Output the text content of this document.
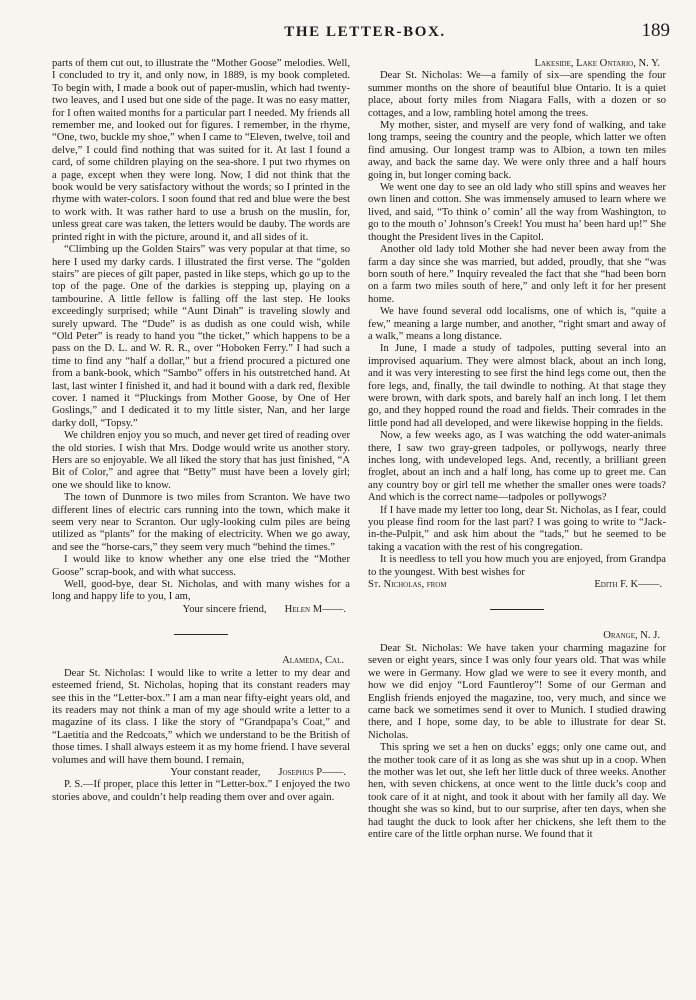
THE LETTER-BOX.	189

parts of them cut out, to illustrate the “Mother Goose” melodies. Well, I concluded to try it, and only now, in 1889, is my book completed. To begin with, I made a book out of paper-muslin, which had twenty-two leaves, and I used but one side of the page. It was no easy matter, for I often waited months for a particular part I needed. My friends all remember me, and looked out for figures. I remember, in the rhyme, “One, two, buckle my shoe,” when I came to “Eleven, twelve, toil and delve,” I could find nothing that was suited for it. At last I found a card, of some children playing on the sea-shore. I put two rhymes on a page, except when they were long. Now, I did not think that the book would be very satisfactory without the words; so I printed in the rhyme with water-colors. I soon found that red and blue were the best to work with. It was rather hard to use a brush on the muslin, for, unless great care was taken, the letters would be dauby. The words are printed right in with the picture, around it, and all sides of it.

“Climbing up the Golden Stairs” was very popular at that time, so here I used my darky cards. I illustrated the first verse. The “golden stairs” are pieces of gilt paper, pasted in like steps, which go up to the top of the page. One of the darkies is stepping up, playing on a tambourine. A little fellow is falling off the last step. He looks exceedingly surprised; while “Aunt Dinah” is traveling slowly and surely upward. The “Dude” is as dudish as one could wish, while “Old Peter” is ready to hand you “the ticket,” which happens to be a pass on the D. L. and W. R. R., over “Hoboken Ferry.” I had such a time to find any “half a dollar,” but a friend procured a pictured one from a bank-book, which “Sambo” offers in his outstretched hand. At last, last winter I finished it, and had it bound with a dark red, flexible cover. I named it “Pluckings from Mother Goose, by One of Her Goslings,” and I dedicated it to my little sister, Nan, and her large darky doll, “Topsy.”

We children enjoy you so much, and never get tired of reading over the old stories. I wish that Mrs. Dodge would write us another story. Hers are so enjoyable. We all liked the story that has just finished, “A Bit of Color,” and agree that “Betty” must have been a lovely girl; one we should like to know.

The town of Dunmore is two miles from Scranton. We have two different lines of electric cars running into the town, which make it seem very near to Scranton. Our ugly-looking culm piles are being utilized as “plants” for the making of electricity. When we go away, and see the “horse-cars,” they seem very much “behind the times.”

I would like to know whether any one else tried the “Mother Goose” scrap-book, and with what success.

Well, good-bye, dear St. Nicholas, and with many wishes for a long and happy life to you, I am,

Your sincere friend, Helen M——.

Alameda, Cal.

Dear St. Nicholas: I would like to write a letter to my dear and esteemed friend, St. Nicholas, hoping that its constant readers may see this in the “Letter-box.” I am a man near fifty-eight years old, and its readers may not think a man of my age should write a letter to a magazine of its class. I like the story of “Grandpapa’s Coat,” and “Laetitia and the Redcoats,” which we understand to be the British of those times. I shall always esteem it as my home friend. I have several volumes and will have them bound. I remain,

Your constant reader, Josephus P——.

P. S.—If proper, place this letter in “Letter-box.” I enjoyed the two stories above, and couldn’t help reading them over and over again.

Lakeside, Lake Ontario, N. Y.

Dear St. Nicholas: We—a family of six—are spending the four summer months on the shore of beautiful blue Ontario. It is a quiet place, about forty miles from Niagara Falls, with a dozen or so cottages, and a low, rambling hotel among the trees.

My mother, sister, and myself are very fond of walking, and take long tramps, seeing the country and the people, which latter we often find amusing. Our longest tramp was to Albion, a town ten miles away, and back the same day. We were only three and a half hours going in, but longer coming back.

We went one day to see an old lady who still spins and weaves her own linen and cotton. She was immensely amused to learn where we lived, and said, “To think o’ comin’ all the way from Washington, to go to the mouth o’ Johnson’s Creek! You must ha’ been hard up!” She thought the President lives in the Capitol.

Another old lady told Mother she had never been away from the farm a day since she was married, but added, proudly, that she “was born south of here.” Inquiry revealed the fact that she “had been born on a farm two miles south of here,” and only left it for her present home.

We have found several odd localisms, one of which is, “quite a few,” meaning a large number, and another, “right smart and away of a walk,” means a long distance.

In June, I made a study of tadpoles, putting several into an improvised aquarium. They were almost black, about an inch long, and it was very interesting to see first the hind legs come out, then the fore legs, and, finally, the tail dwindle to nothing. At that stage they were brown, with dark spots, and barely half an inch long. I let them go, and they hopped round the road and fields. Their comrades in the little pond had all developed, and were likewise hopping in the fields.

Now, a few weeks ago, as I was watching the odd water-animals there, I saw two gray-green tadpoles, or pollywogs, nearly three inches long, with undeveloped legs. And, recently, a brilliant green froglet, about an inch and a half long, has come up to greet me. Can any country boy or girl tell me whether the smaller ones were toads? And which is the correct name—tadpoles or pollywogs?

If I have made my letter too long, dear St. Nicholas, as I fear, could you please find room for the last part? I was going to write to “Jack-in-the-Pulpit,” and ask him about the “tads,” but he seemed to be taking a vacation with the rest of his congregation.

It is needless to tell you how much you are enjoyed, from Grandpa to the youngest. With best wishes for

St. Nicholas, from	Edith F. K——.

Orange, N. J.

Dear St. Nicholas: We have taken your charming magazine for seven or eight years, since I was only four years old. That was while we were in Germany. How glad we were to see it every month, and how we did enjoy “Lord Fauntleroy”! Some of our German and English friends enjoyed the magazine, too, very much, and since we came back we sometimes send it over to Munich. I studied drawing there, and I hope, some day, to be able to illustrate for dear St. Nicholas.

This spring we set a hen on ducks’ eggs; only one came out, and the mother took care of it as long as she was shut up in a coop. When the mother was let out, she left her little duck of three weeks. Another hen, with seven chickens, at once went to the little duck’s coop and took care of it at night, and took it about with her family all day. We thought she was so kind, but to our surprise, after ten days, when she had taught the duck to look after her chickens, she left them to the entire care of the little orphan nurse. We found that it
